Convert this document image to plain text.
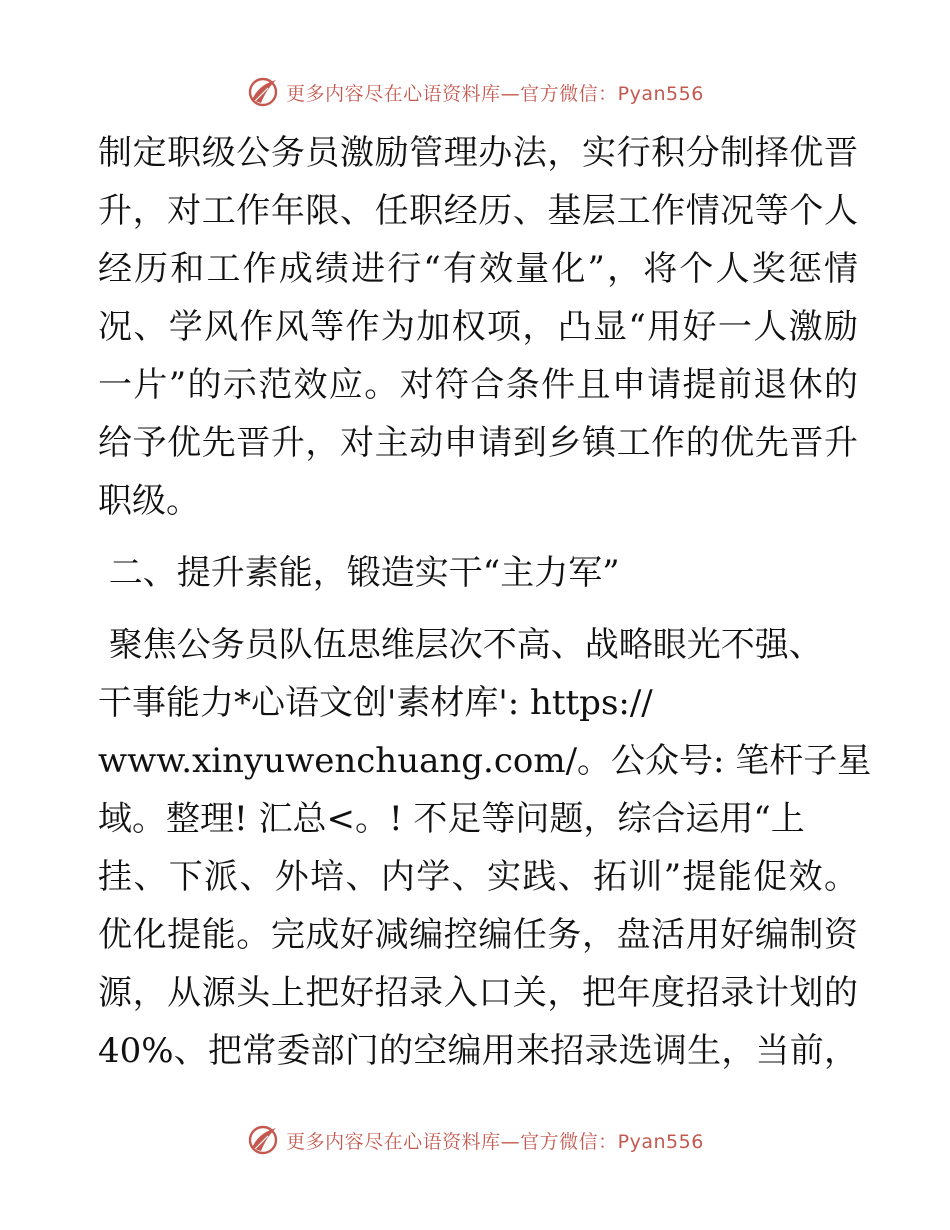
更多内容尽在心语资料库—官方微信：Pyan556
制定职级公务员激励管理办法，实行积分制择优晋
升，对工作年限、任职经历、基层工作情况等个人
经历和工作成绩进行“有效量化”，将个人奖惩情
况、学风作风等作为加权项，凸显“用好一人激励
一片”的示范效应。对符合条件且申请提前退休的
给予优先晋升，对主动申请到乡镇工作的优先晋升
职级。
二、提升素能，锻造实干“主力军”
聚焦公务员队伍思维层次不高、战略眼光不强、
干事能力*心语文创'素材库': https://
www.xinyuwenchuang.com/。公众号: 笔杆子星
域。整理! 汇总<。! 不足等问题，综合运用“上
挂、下派、外培、内学、实践、拓训”提能促效。
优化提能。完成好减编控编任务，盘活用好编制资
源，从源头上把好招录入口关，把年度招录计划的
40%、把常委部门的空编用来招录选调生，当前，
更多内容尽在心语资料库—官方微信：Pyan556
